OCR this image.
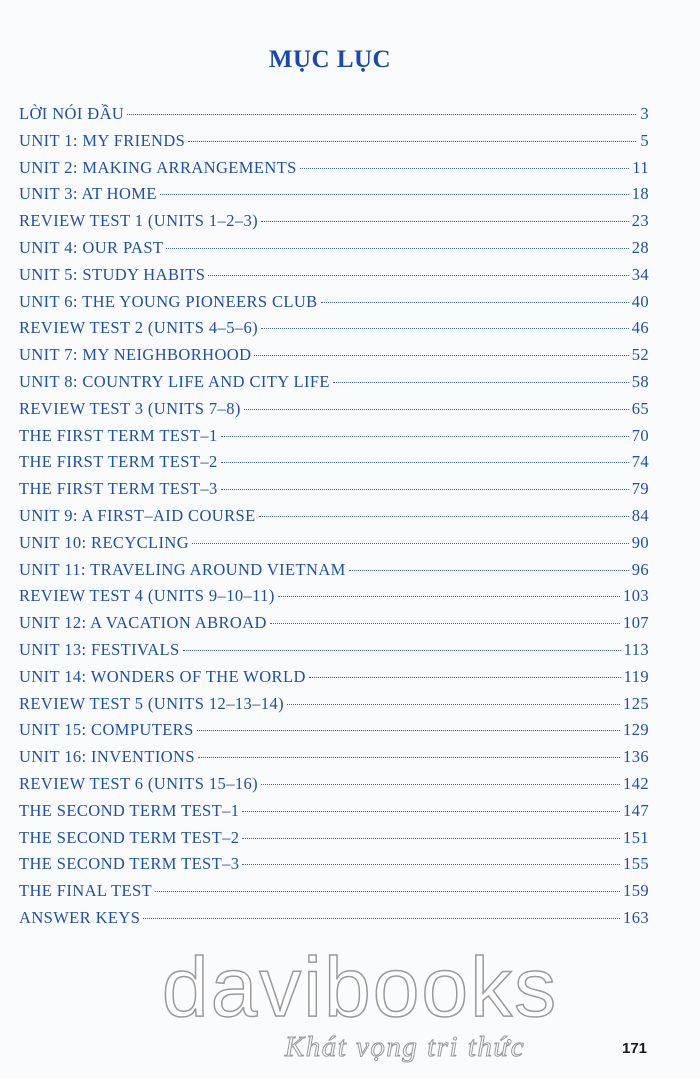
MỤC LỤC
LỜI NÓI ĐẦU	3
UNIT 1: MY FRIENDS	5
UNIT 2: MAKING ARRANGEMENTS	11
UNIT 3: AT HOME	18
REVIEW TEST 1 (UNITS 1–2–3)	23
UNIT 4: OUR PAST	28
UNIT 5: STUDY HABITS	34
UNIT 6: THE YOUNG PIONEERS CLUB	40
REVIEW TEST 2 (UNITS 4–5–6)	46
UNIT 7: MY NEIGHBORHOOD	52
UNIT 8: COUNTRY LIFE AND CITY LIFE	58
REVIEW TEST 3 (UNITS 7–8)	65
THE FIRST TERM TEST–1	70
THE FIRST TERM TEST–2	74
THE FIRST TERM TEST–3	79
UNIT 9: A FIRST–AID COURSE	84
UNIT 10: RECYCLING	90
UNIT 11: TRAVELING AROUND VIETNAM	96
REVIEW TEST 4 (UNITS 9–10–11)	103
UNIT 12: A VACATION ABROAD	107
UNIT 13: FESTIVALS	113
UNIT 14: WONDERS OF THE WORLD	119
REVIEW TEST 5 (UNITS 12–13–14)	125
UNIT 15: COMPUTERS	129
UNIT 16: INVENTIONS	136
REVIEW TEST 6 (UNITS 15–16)	142
THE SECOND TERM TEST–1	147
THE SECOND TERM TEST–2	151
THE SECOND TERM TEST–3	155
THE FINAL TEST	159
ANSWER KEYS	163
davibooks
Khát vọng tri thức	171
